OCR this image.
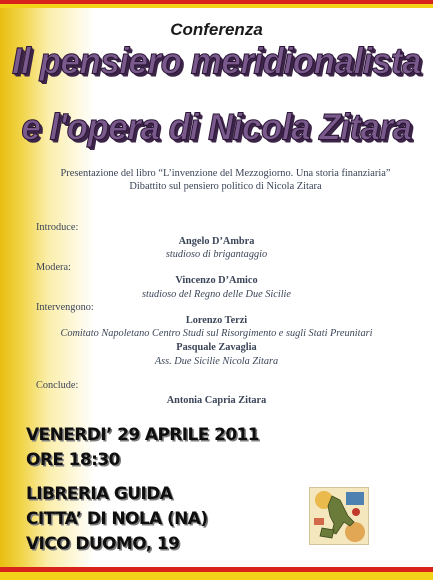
Conferenza
Il pensiero meridionalista
e l'opera di Nicola Zitara
Presentazione del libro “L’invenzione del Mezzogiorno. Una storia finanziaria”
Dibattito sul pensiero politico di Nicola Zitara
Introduce:
Angelo D’Ambra
studioso di brigantaggio
Modera:
Vincenzo D’Amico
studioso del Regno delle Due Sicilie
Intervengono:
Lorenzo Terzi
Comitato Napoletano Centro Studi sul Risorgimento e sugli Stati Preunitari
Pasquale Zavaglia
Ass. Due Sicilie Nicola Zitara
Conclude:
Antonia Capria Zitara
VENERDI’ 29 APRILE 2011
ORE 18:30
LIBRERIA GUIDA
CITTA’ DI NOLA (NA)
VICO DUOMO, 19
